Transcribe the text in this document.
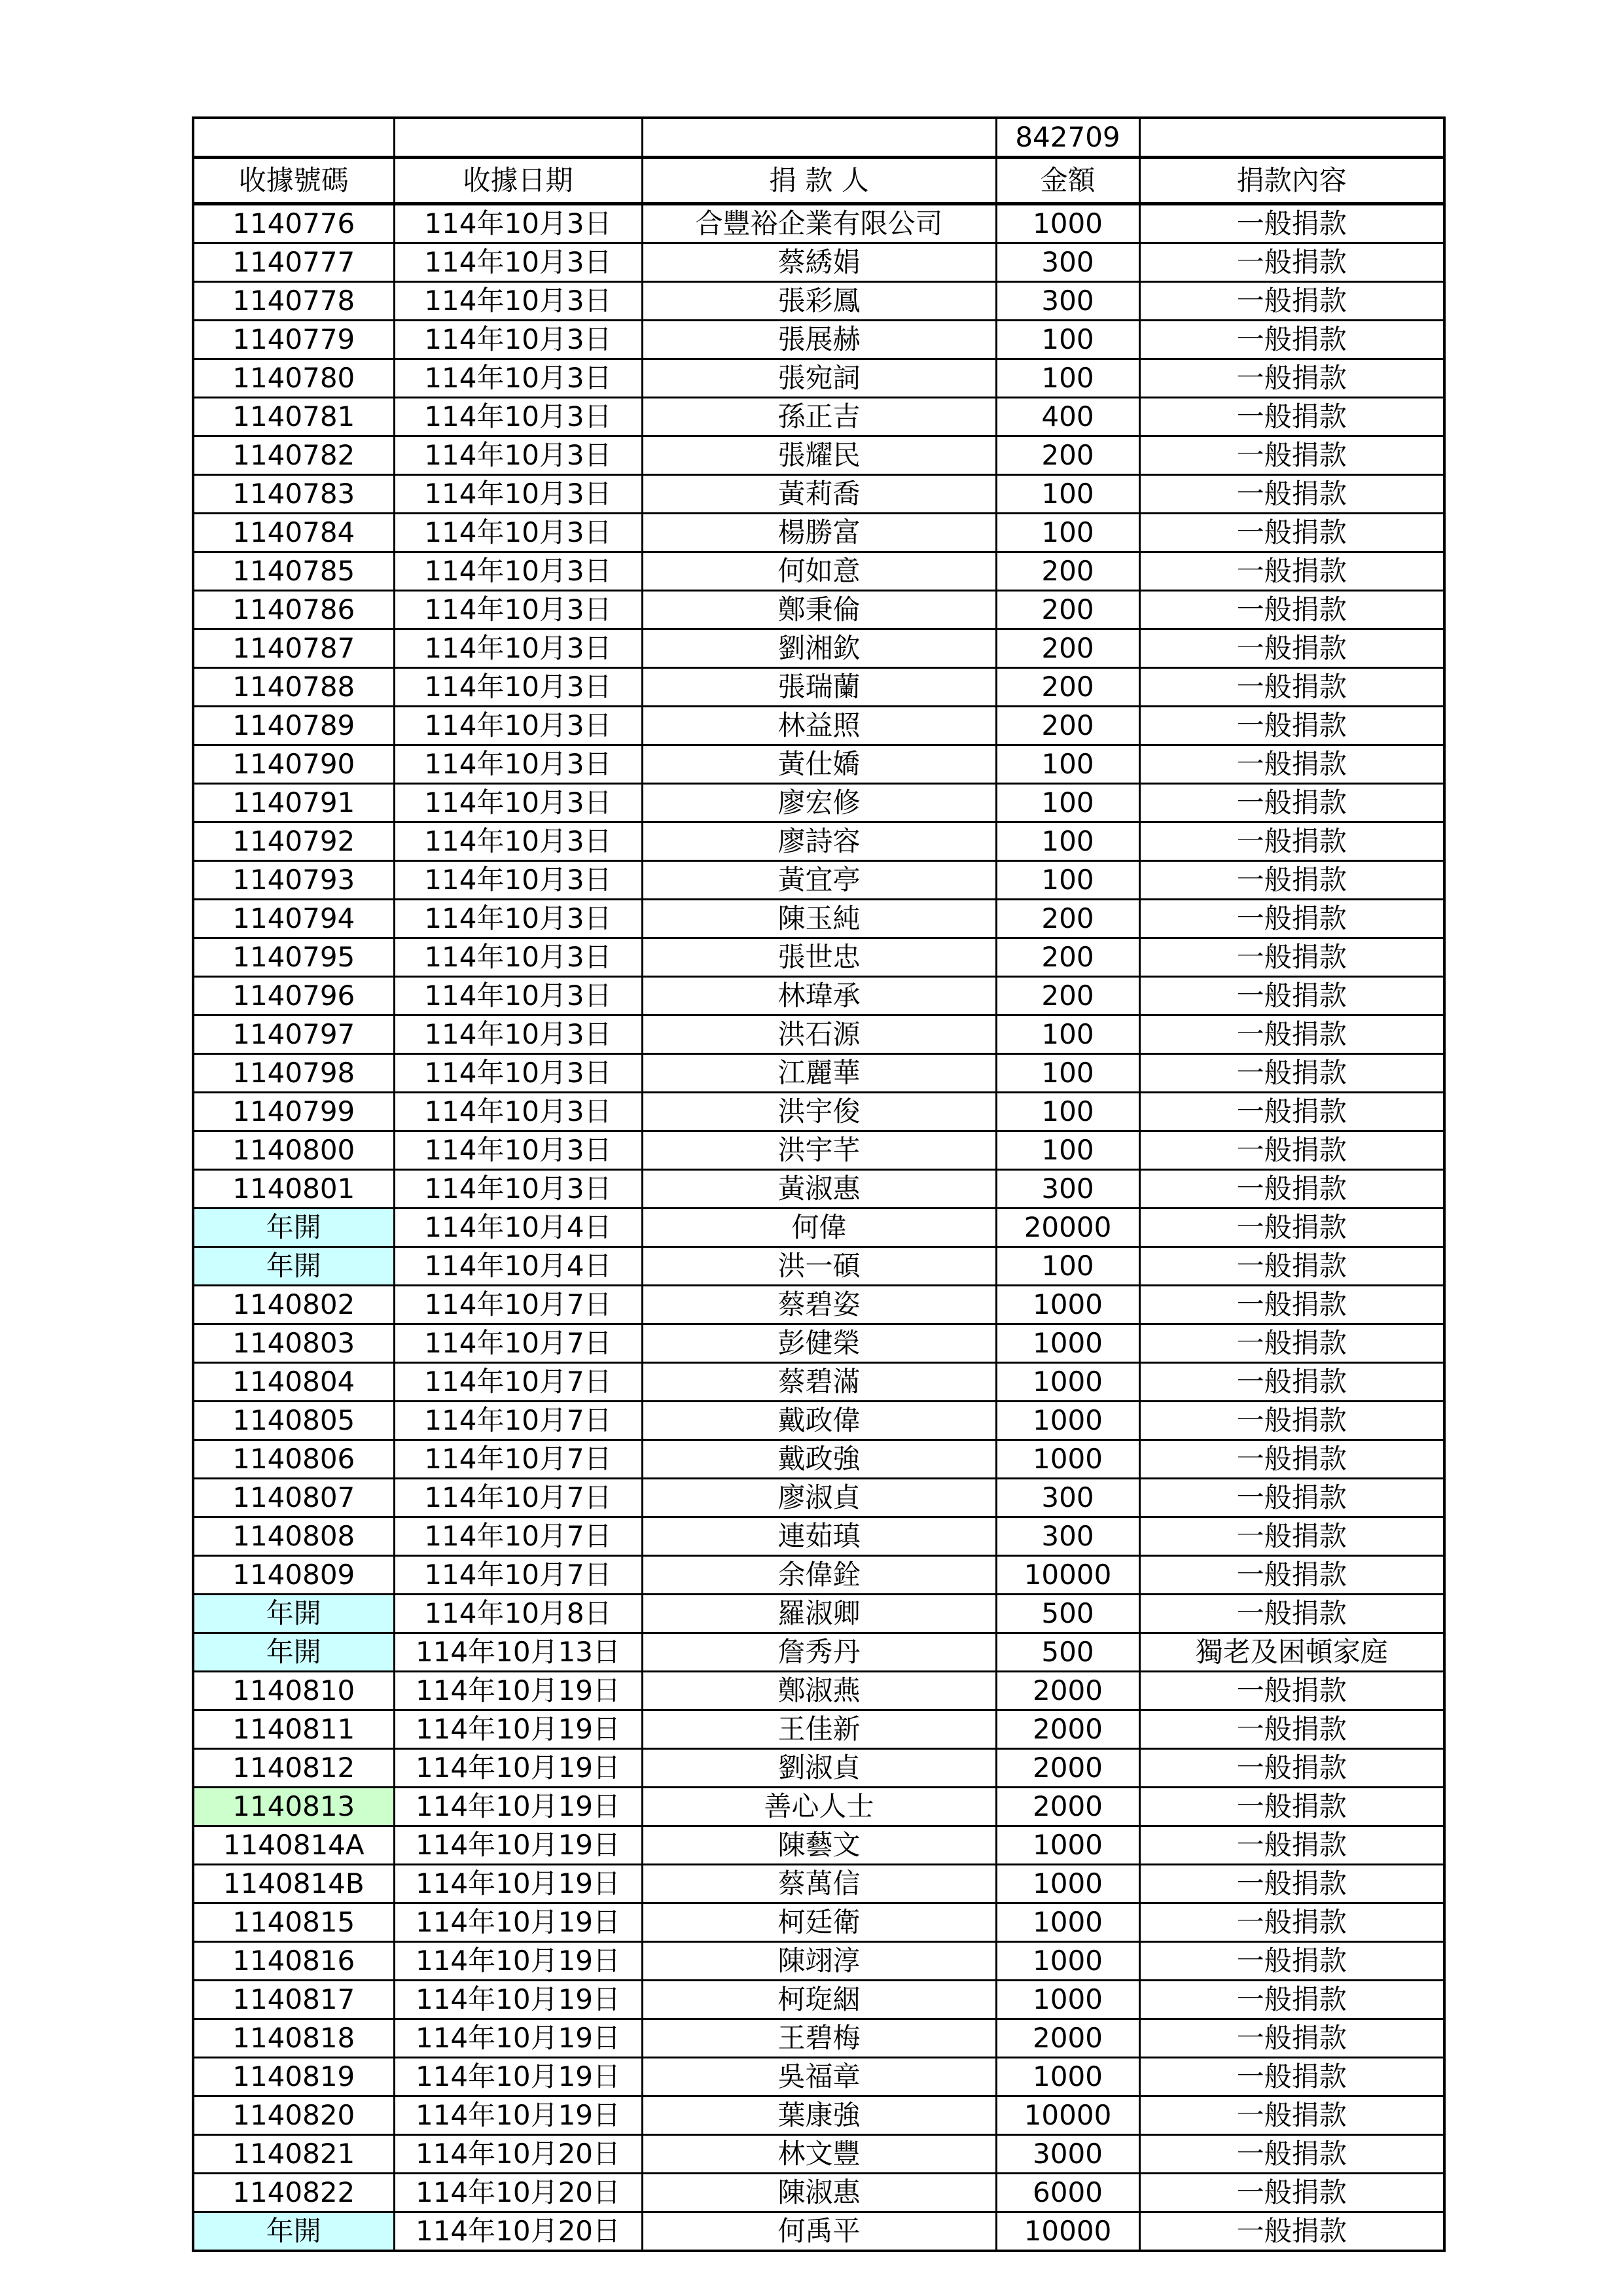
			842709	
收據號碼	收據日期	捐 款 人	金額	捐款內容
1140776	114年10月3日	合豐裕企業有限公司	1000	一般捐款
1140777	114年10月3日	蔡綉娟	300	一般捐款
1140778	114年10月3日	張彩鳳	300	一般捐款
1140779	114年10月3日	張展赫	100	一般捐款
1140780	114年10月3日	張宛詞	100	一般捐款
1140781	114年10月3日	孫正吉	400	一般捐款
1140782	114年10月3日	張耀民	200	一般捐款
1140783	114年10月3日	黃莉喬	100	一般捐款
1140784	114年10月3日	楊勝富	100	一般捐款
1140785	114年10月3日	何如意	200	一般捐款
1140786	114年10月3日	鄭秉倫	200	一般捐款
1140787	114年10月3日	劉湘欽	200	一般捐款
1140788	114年10月3日	張瑞蘭	200	一般捐款
1140789	114年10月3日	林益照	200	一般捐款
1140790	114年10月3日	黃仕嬌	100	一般捐款
1140791	114年10月3日	廖宏修	100	一般捐款
1140792	114年10月3日	廖詩容	100	一般捐款
1140793	114年10月3日	黃宜亭	100	一般捐款
1140794	114年10月3日	陳玉純	200	一般捐款
1140795	114年10月3日	張世忠	200	一般捐款
1140796	114年10月3日	林瑋承	200	一般捐款
1140797	114年10月3日	洪石源	100	一般捐款
1140798	114年10月3日	江麗華	100	一般捐款
1140799	114年10月3日	洪宇俊	100	一般捐款
1140800	114年10月3日	洪宇芊	100	一般捐款
1140801	114年10月3日	黃淑惠	300	一般捐款
年開	114年10月4日	何偉	20000	一般捐款
年開	114年10月4日	洪一碩	100	一般捐款
1140802	114年10月7日	蔡碧姿	1000	一般捐款
1140803	114年10月7日	彭健榮	1000	一般捐款
1140804	114年10月7日	蔡碧滿	1000	一般捐款
1140805	114年10月7日	戴政偉	1000	一般捐款
1140806	114年10月7日	戴政強	1000	一般捐款
1140807	114年10月7日	廖淑貞	300	一般捐款
1140808	114年10月7日	連茹瑱	300	一般捐款
1140809	114年10月7日	余偉銓	10000	一般捐款
年開	114年10月8日	羅淑卿	500	一般捐款
年開	114年10月13日	詹秀丹	500	獨老及困頓家庭
1140810	114年10月19日	鄭淑燕	2000	一般捐款
1140811	114年10月19日	王佳新	2000	一般捐款
1140812	114年10月19日	劉淑貞	2000	一般捐款
1140813	114年10月19日	善心人士	2000	一般捐款
1140814A	114年10月19日	陳藝文	1000	一般捐款
1140814B	114年10月19日	蔡萬信	1000	一般捐款
1140815	114年10月19日	柯廷衛	1000	一般捐款
1140816	114年10月19日	陳翊淳	1000	一般捐款
1140817	114年10月19日	柯琁絪	1000	一般捐款
1140818	114年10月19日	王碧梅	2000	一般捐款
1140819	114年10月19日	吳福章	1000	一般捐款
1140820	114年10月19日	葉康強	10000	一般捐款
1140821	114年10月20日	林文豐	3000	一般捐款
1140822	114年10月20日	陳淑惠	6000	一般捐款
年開	114年10月20日	何禹平	10000	一般捐款
